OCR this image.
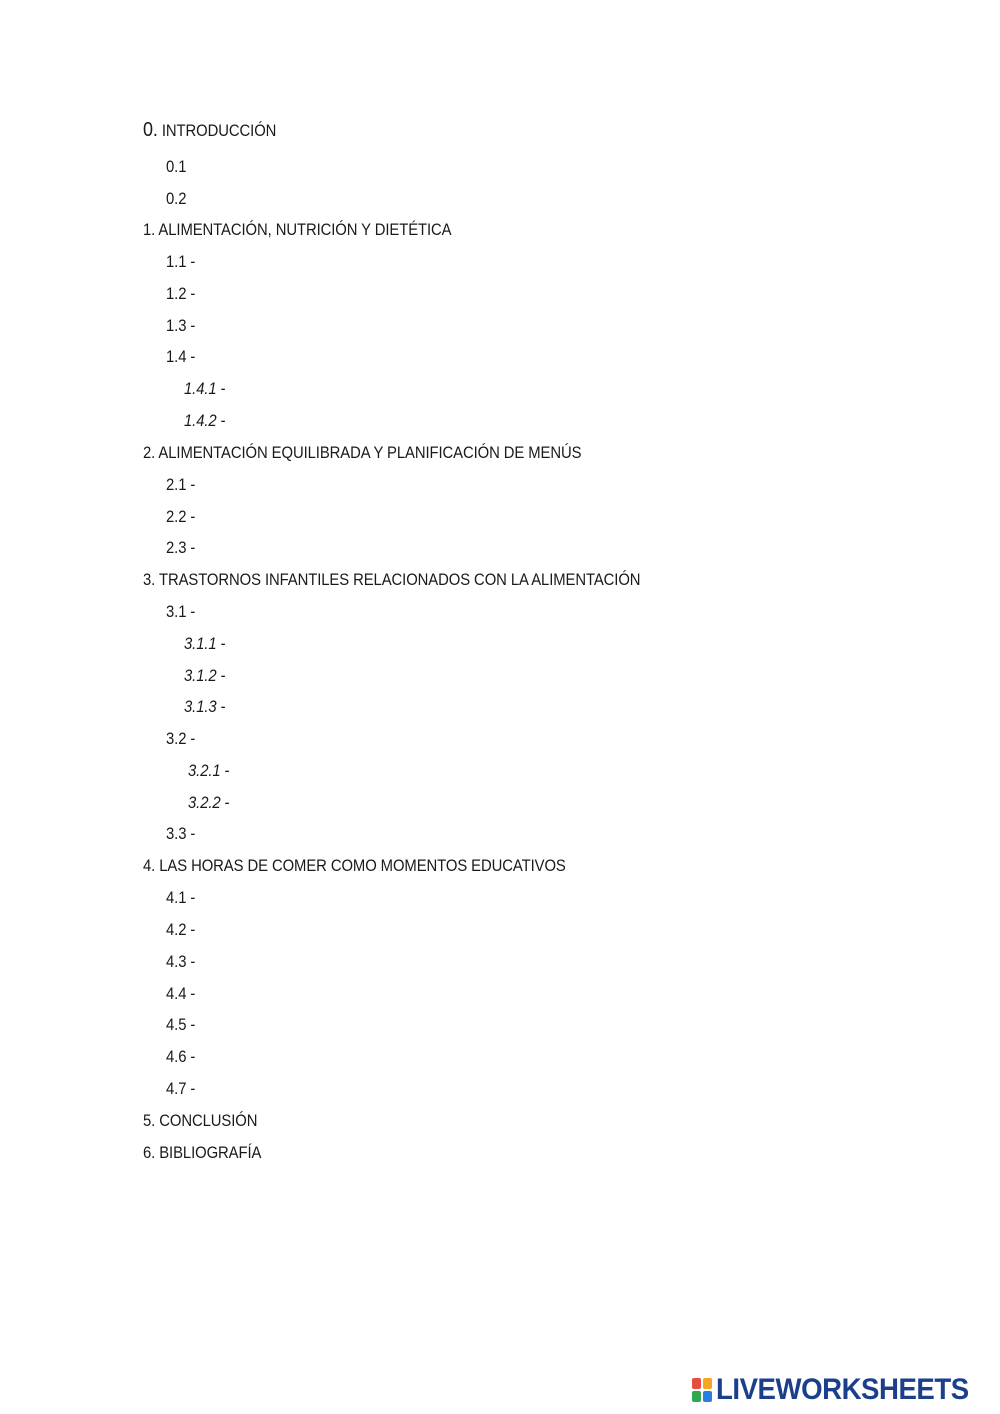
0. INTRODUCCIÓN
0.1
0.2
1. ALIMENTACIÓN, NUTRICIÓN Y DIETÉTICA
1.1 -
1.2 -
1.3 -
1.4 -
1.4.1 -
1.4.2 -
2. ALIMENTACIÓN EQUILIBRADA Y PLANIFICACIÓN DE MENÚS
2.1 -
2.2 -
2.3 -
3. TRASTORNOS INFANTILES RELACIONADOS CON LA ALIMENTACIÓN
3.1 -
3.1.1 -
3.1.2 -
3.1.3 -
3.2 -
3.2.1 -
3.2.2 -
3.3 -
4. LAS HORAS DE COMER COMO MOMENTOS EDUCATIVOS
4.1 -
4.2 -
4.3 -
4.4 -
4.5 -
4.6 -
4.7 -
5. CONCLUSIÓN
6. BIBLIOGRAFÍA
LIVEWORKSHEETS
